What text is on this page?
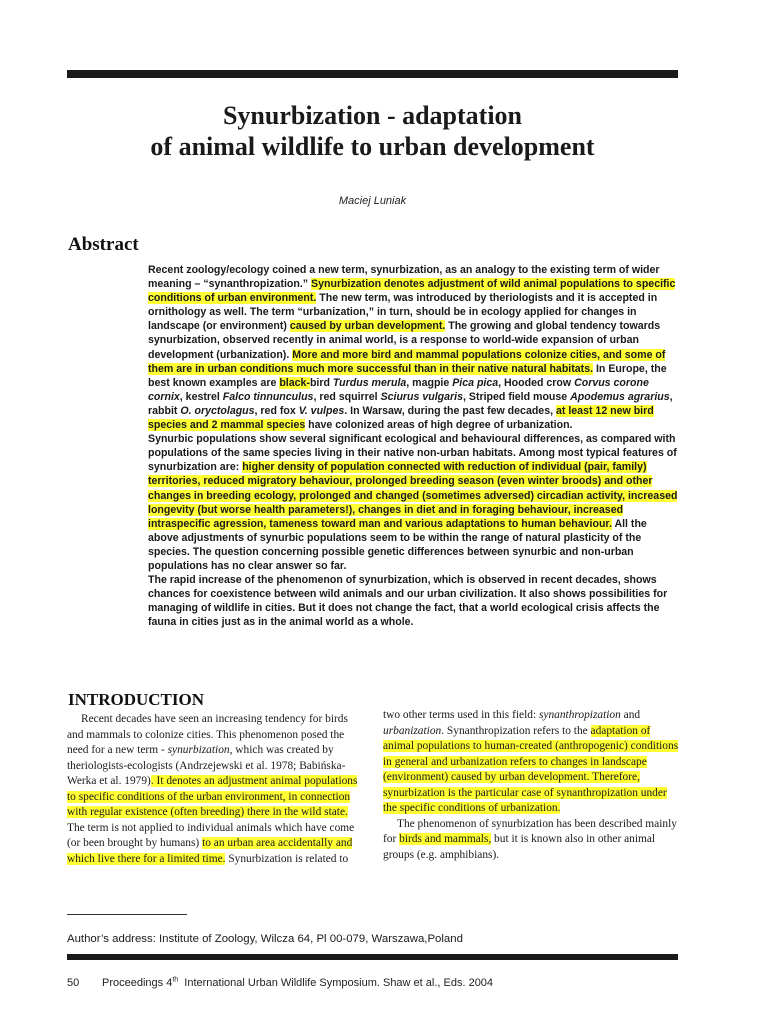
Synurbization - adaptation
of animal wildlife to urban development
Maciej Luniak
Abstract

Recent zoology/ecology coined a new term, synurbization, as an analogy to the existing term of wider meaning – “synanthropization.” Synurbization denotes adjustment of wild animal populations to specific conditions of urban environment. The new term, was introduced by theriologists and it is accepted in ornithology as well. The term “urbanization,” in turn, should be in ecology applied for changes in landscape (or environment) caused by urban development. The growing and global tendency towards synurbization, observed recently in animal world, is a response to world-wide expansion of urban development (urbanization). More and more bird and mammal populations colonize cities, and some of them are in urban conditions much more successful than in their native natural habitats. In Europe, the best known examples are black-bird Turdus merula, magpie Pica pica, Hooded crow Corvus corone cornix, kestrel Falco tinnunculus, red squirrel Sciurus vulgaris, Striped field mouse Apodemus agrarius, rabbit O. oryctolagus, red fox V. vulpes. In Warsaw, during the past few decades, at least 12 new bird species and 2 mammal species have colonized areas of high degree of urbanization.

Synurbic populations show several significant ecological and behavioural differences, as compared with populations of the same species living in their native non-urban habitats. Among most typical features of synurbization are: higher density of population connected with reduction of individual (pair, family) territories, reduced migratory behaviour, prolonged breeding season (even winter broods) and other changes in breeding ecology, prolonged and changed (sometimes adversed) circadian activity, increased longevity (but worse health parameters!), changes in diet and in foraging behaviour, increased intraspecific agression, tameness toward man and various adaptations to human behaviour. All the above adjustments of synurbic populations seem to be within the range of natural plasticity of the species. The question concerning possible genetic differences between synurbic and non-urban populations has no clear answer so far.

The rapid increase of the phenomenon of synurbization, which is observed in recent decades, shows chances for coexistence between wild animals and our urban civilization. It also shows possibilities for managing of wildlife in cities. But it does not change the fact, that a world ecological crisis affects the fauna in cities just as in the animal world as a whole.

INTRODUCTION

Recent decades have seen an increasing tendency for birds and mammals to colonize cities. This phenomenon posed the need for a new term - synurbization, which was created by theriologists-ecologists (Andrzejewski et al. 1978; Babińska-Werka et al. 1979). It denotes an adjustment animal populations to specific conditions of the urban environment, in connection with regular existence (often breeding) there in the wild state. The term is not applied to individual animals which have come (or been brought by humans) to an urban area accidentally and which live there for a limited time. Synurbization is related to

two other terms used in this field: synanthropization and urbanization. Synanthropization refers to the adaptation of animal populations to human-created (anthropogenic) conditions in general and urbanization refers to changes in landscape (environment) caused by urban development. Therefore, synurbization is the particular case of synanthropization under the specific conditions of urbanization.

The phenomenon of synurbization has been described mainly for birds and mammals, but it is known also in other animal groups (e.g. amphibians).

Author’s address: Institute of Zoology, Wilcza 64, Pl 00-079, Warszawa,Poland
50 Proceedings 4th  International Urban Wildlife Symposium. Shaw et al., Eds. 2004
